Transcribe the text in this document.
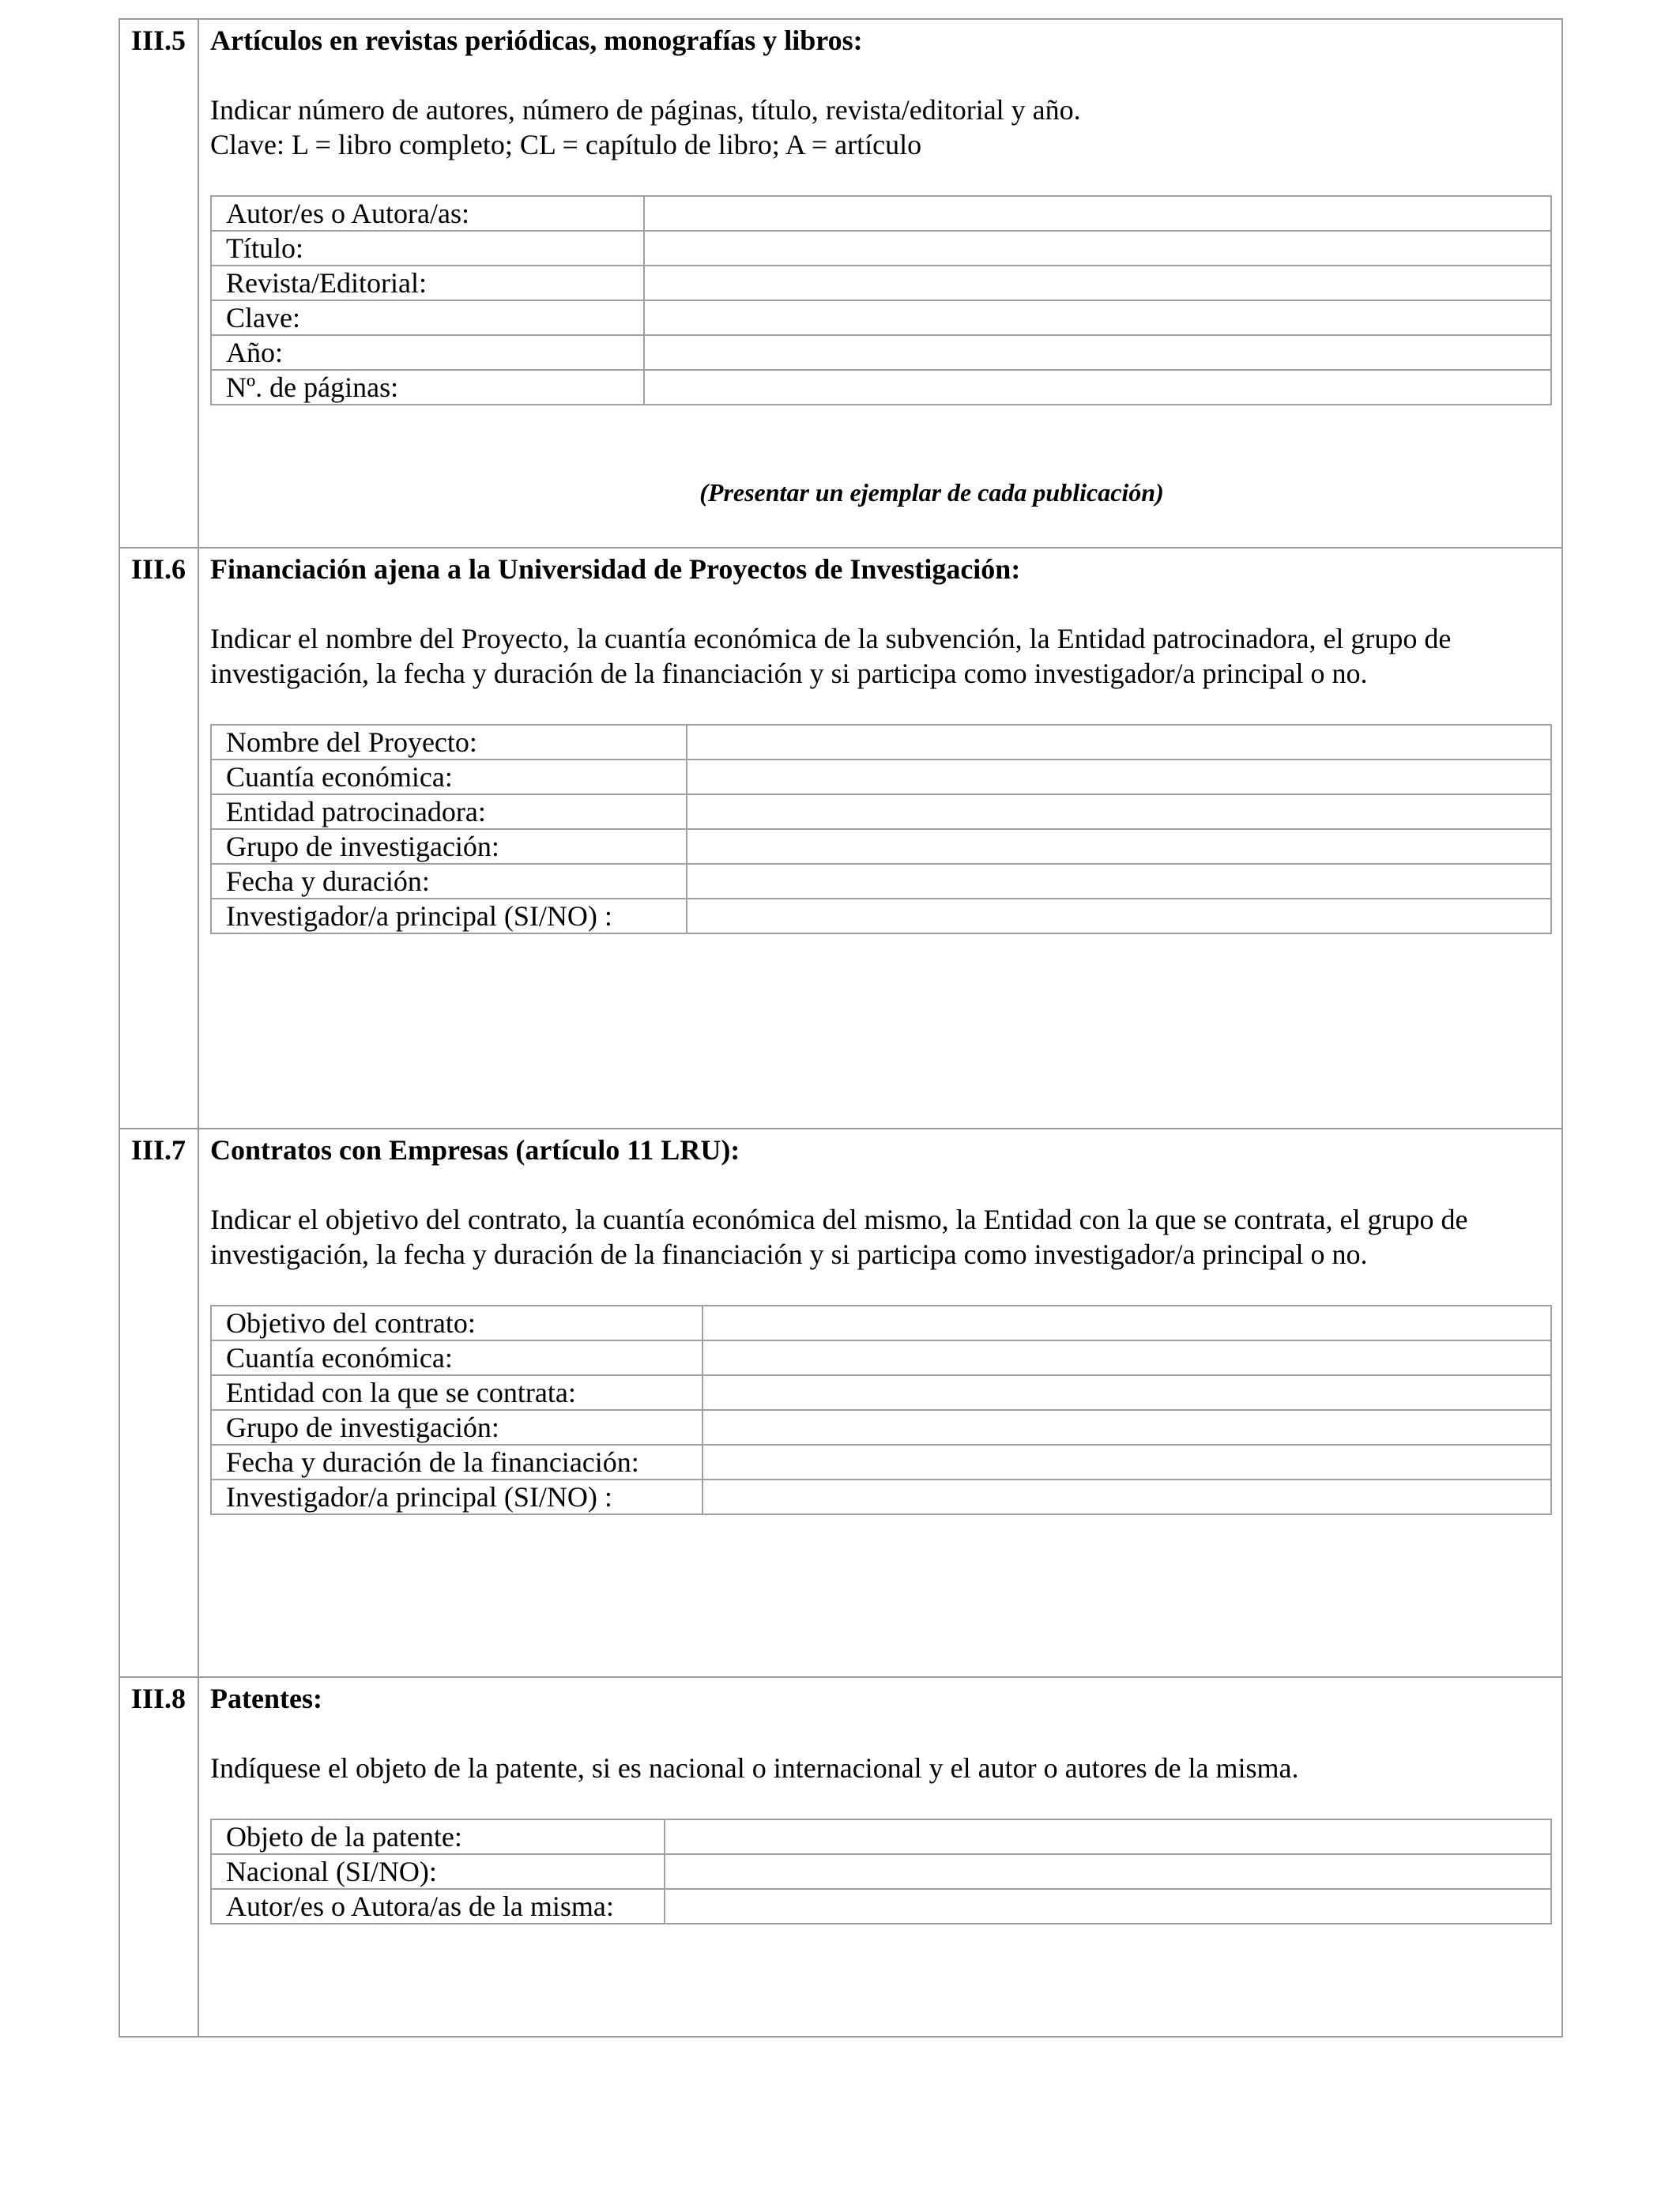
III.5 Artículos en revistas periódicas, monografías y libros:

Indicar número de autores, número de páginas, título, revista/editorial y año.

Clave: L = libro completo; CL = capítulo de libro; A = artículo

Autor/es o Autora/as:	
Título:	
Revista/Editorial:	
Clave:	
Año:	
Nº. de páginas:	
(Presentar un ejemplar de cada publicación)
III.6 Financiación ajena a la Universidad de Proyectos de Investigación:

Indicar el nombre del Proyecto, la cuantía económica de la subvención, la Entidad patrocinadora, el grupo de investigación, la fecha y duración de la financiación y si participa como investigador/a principal o no.

Nombre del Proyecto:	
Cuantía económica:	
Entidad patrocinadora:	
Grupo de investigación:	
Fecha y duración:	
Investigador/a principal (SI/NO) :	
III.7 Contratos con Empresas (artículo 11 LRU):

Indicar el objetivo del contrato, la cuantía económica del mismo, la Entidad con la que se contrata, el grupo de investigación, la fecha y duración de la financiación y si participa como investigador/a principal o no.

Objetivo del contrato:	
Cuantía económica:	
Entidad con la que se contrata:	
Grupo de investigación:	
Fecha y duración de la financiación:	
Investigador/a principal (SI/NO) :	
III.8 Patentes:

Indíquese el objeto de la patente, si es nacional o internacional y el autor o autores de la misma.

Objeto de la patente:	
Nacional (SI/NO):	
Autor/es o Autora/as de la misma:	
